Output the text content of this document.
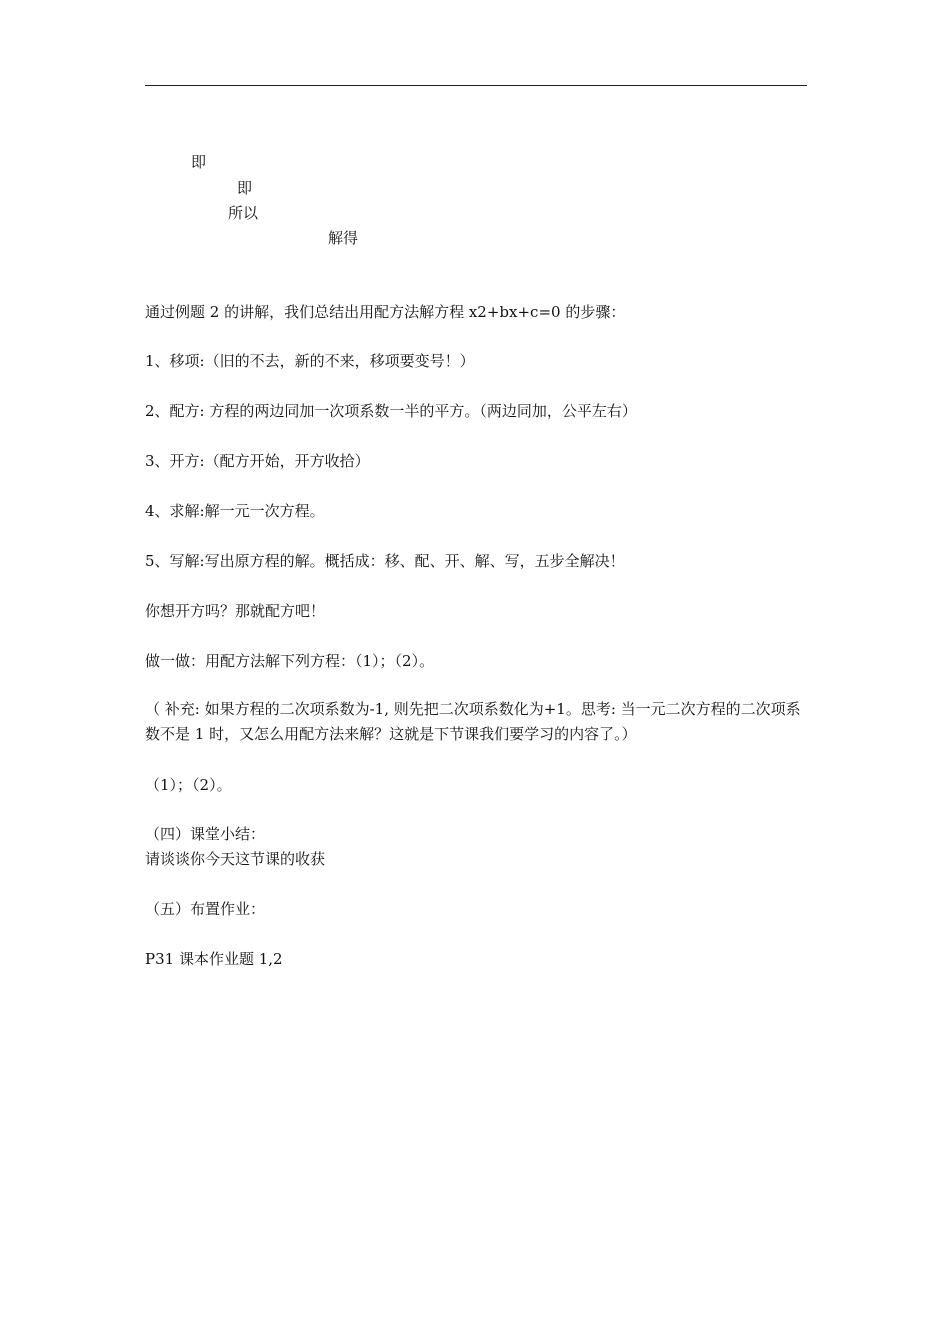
即
即
所以
解得
通过例题 2 的讲解，我们总结出用配方法解方程 x2+bx+c=0 的步骤：
1、移项:（旧的不去，新的不来，移项要变号！）
2、配方: 方程的两边同加一次项系数一半的平方。（两边同加，公平左右）
3、开方:（配方开始，开方收拾）
4、求解:解一元一次方程。
5、写解:写出原方程的解。概括成：移、配、开、解、写，五步全解决！
你想开方吗？那就配方吧！
做一做：用配方法解下列方程：（1）；（2）。
（ 补充: 如果方程的二次项系数为-1, 则先把二次项系数化为+1。思考: 当一元二次方程的二次项系数不是 1 时，又怎么用配方法来解？这就是下节课我们要学习的内容了。）
（1）；（2）。
（四）课堂小结：
请谈谈你今天这节课的收获
（五）布置作业：
P31 课本作业题 1,2
